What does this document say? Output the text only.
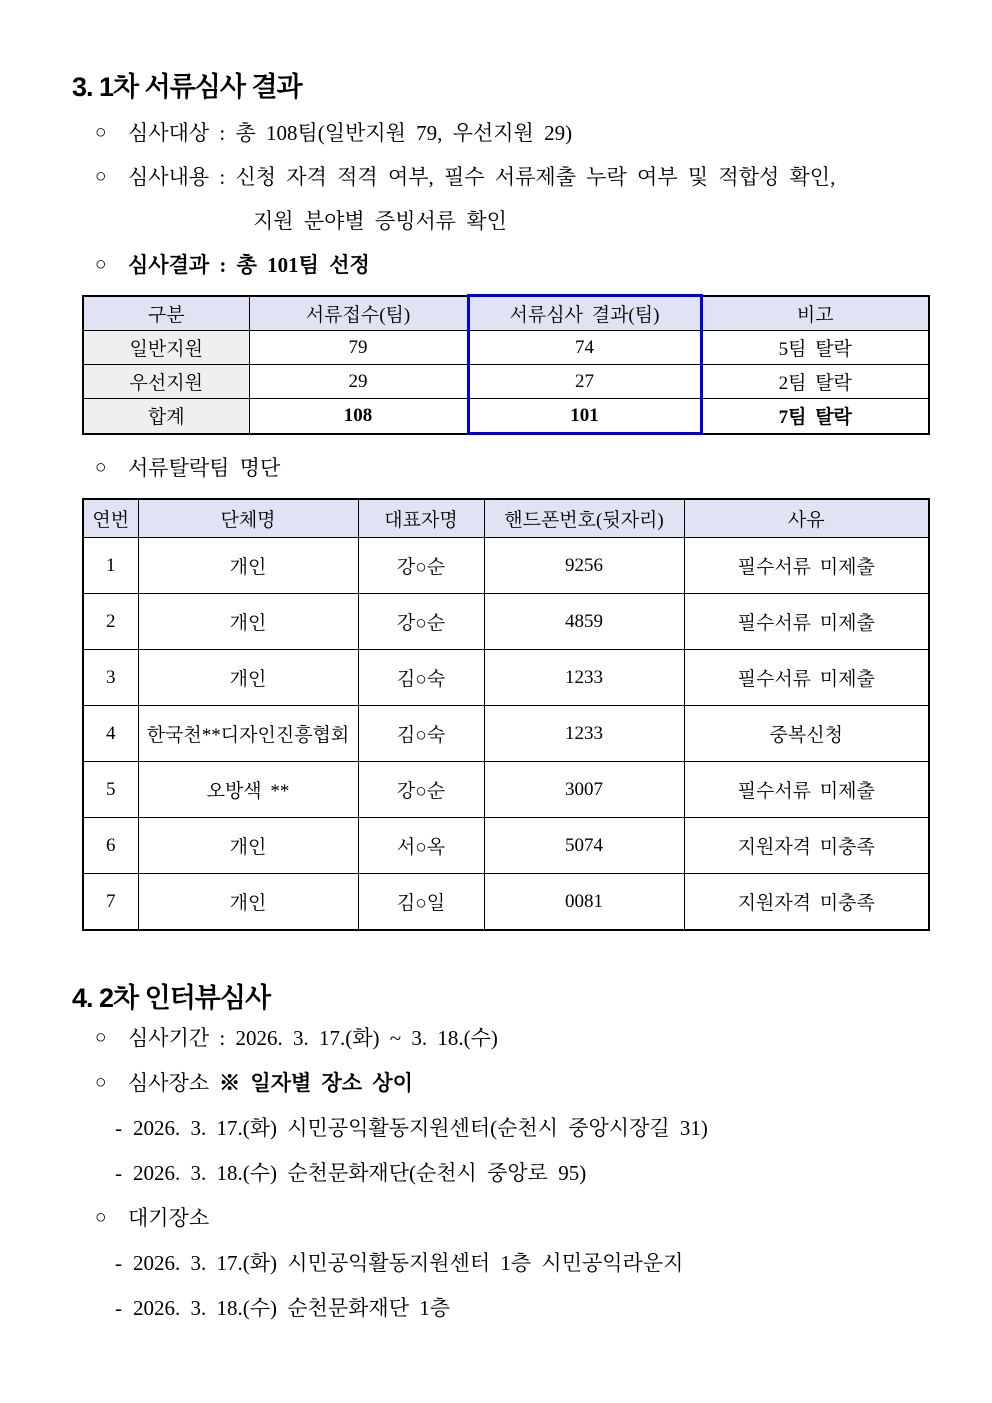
3. 1차 서류심사 결과
○	심사대상 : 총 108팀(일반지원 79, 우선지원 29)
○	심사내용 : 신청 자격 적격 여부, 필수 서류제출 누락 여부 및 적합성 확인,
지원 분야별 증빙서류 확인
○	심사결과 : 총 101팀 선정
구분	서류접수(팀)	서류심사 결과(팀)	비고
일반지원	79	74	5팀 탈락
우선지원	29	27	2팀 탈락
합계	108	101	7팀 탈락
○	서류탈락팀 명단
연번	단체명	대표자명	핸드폰번호(뒷자리)	사유
1	개인	강○순	9256	필수서류 미제출
2	개인	강○순	4859	필수서류 미제출
3	개인	김○숙	1233	필수서류 미제출
4	한국천**디자인진흥협회	김○숙	1233	중복신청
5	오방색 **	강○순	3007	필수서류 미제출
6	개인	서○옥	5074	지원자격 미충족
7	개인	김○일	0081	지원자격 미충족
4. 2차 인터뷰심사
○	심사기간 : 2026. 3. 17.(화) ~ 3. 18.(수)
○	심사장소 ※ 일자별 장소 상이
- 2026. 3. 17.(화) 시민공익활동지원센터(순천시 중앙시장길 31)
- 2026. 3. 18.(수) 순천문화재단(순천시 중앙로 95)
○	대기장소
- 2026. 3. 17.(화) 시민공익활동지원센터 1층 시민공익라운지
- 2026. 3. 18.(수) 순천문화재단 1층
